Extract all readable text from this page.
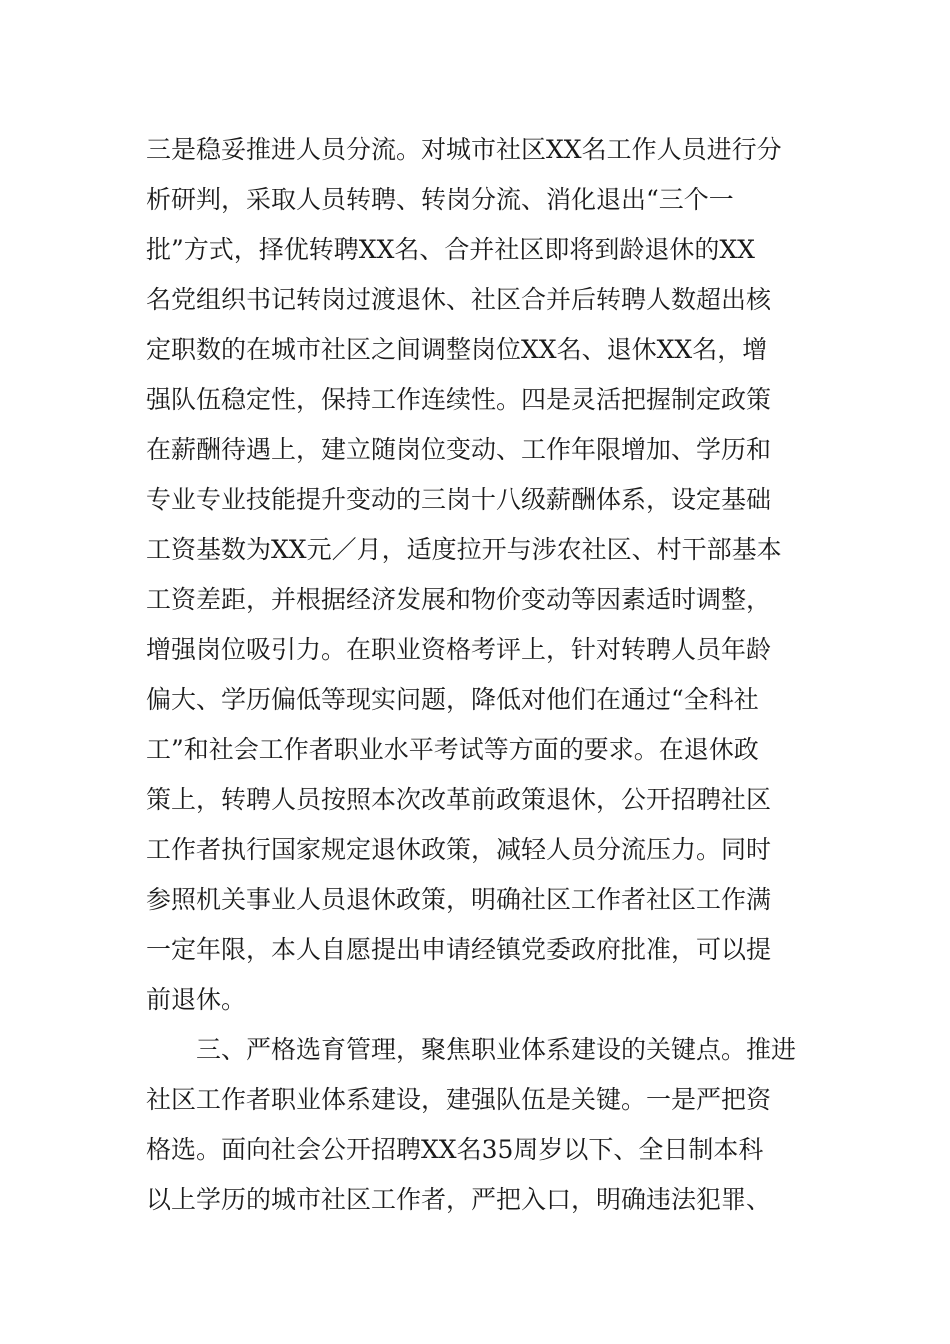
三是稳妥推进人员分流。对城市社区XX名工作人员进行分
析研判，采取人员转聘、转岗分流、消化退出“三个一
批”方式，择优转聘XX名、合并社区即将到龄退休的XX
名党组织书记转岗过渡退休、社区合并后转聘人数超出核
定职数的在城市社区之间调整岗位XX名、退休XX名，增
强队伍稳定性，保持工作连续性。四是灵活把握制定政策
在薪酬待遇上，建立随岗位变动、工作年限增加、学历和
专业专业技能提升变动的三岗十八级薪酬体系，设定基础
工资基数为XX元／月，适度拉开与涉农社区、村干部基本
工资差距，并根据经济发展和物价变动等因素适时调整，
增强岗位吸引力。在职业资格考评上，针对转聘人员年龄
偏大、学历偏低等现实问题，降低对他们在通过“全科社
工”和社会工作者职业水平考试等方面的要求。在退休政
策上，转聘人员按照本次改革前政策退休，公开招聘社区
工作者执行国家规定退休政策，减轻人员分流压力。同时
参照机关事业人员退休政策，明确社区工作者社区工作满
一定年限，本人自愿提出申请经镇党委政府批准，可以提
前退休。
三、严格选育管理，聚焦职业体系建设的关键点。推进
社区工作者职业体系建设，建强队伍是关键。一是严把资
格选。面向社会公开招聘XX名35周岁以下、全日制本科
以上学历的城市社区工作者，严把入口，明确违法犯罪、
